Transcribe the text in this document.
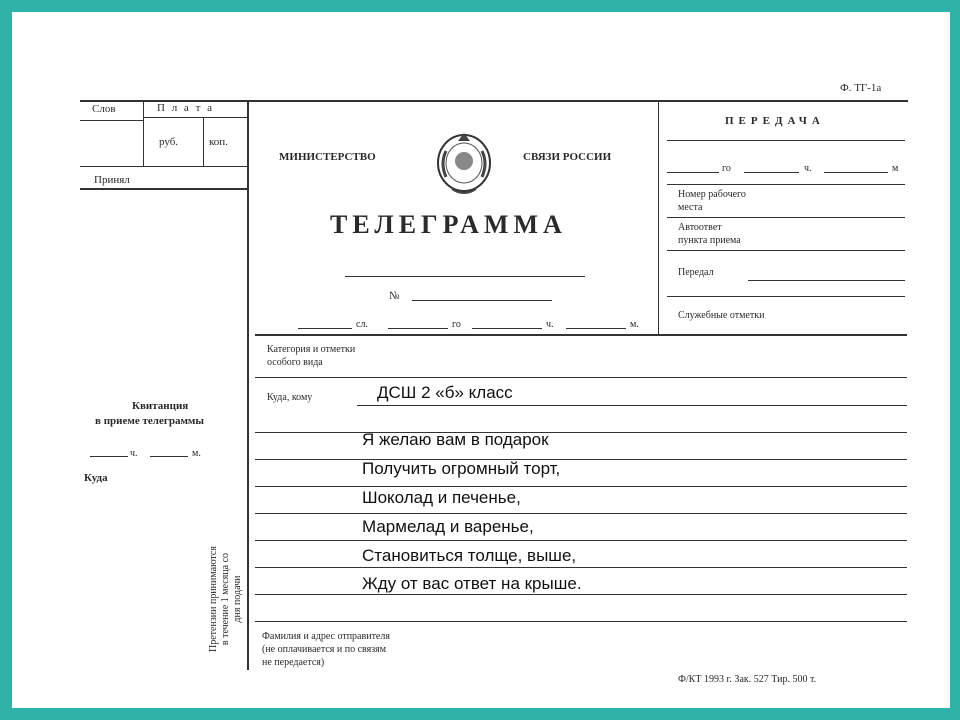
Ф. ТГ-1а
Слов	П л а т а
руб.	коп.
Принял
Квитанция
в приеме телеграммы
ч.	м.
Куда
Претензии принимаются в течение 1 месяца со дня подачи
МИНИСТЕРСТВО	СВЯЗИ РОССИИ
ТЕЛЕГРАММА
№
сл.	го	ч.	м.
ПЕРЕДАЧА
го	ч.	м
Номер рабочего
места
Автоответ
пункта приема
Передал
Служебные отметки
Категория и отметки
особого вида
Куда, кому	ДСШ 2 «б» класс
Я желаю вам в подарок
Получить огромный торт,
Шоколад и печенье,
Мармелад и варенье,
Становиться толще, выше,
Жду от вас ответ на крыше.
Фамилия и адрес отправителя
(не оплачивается и по связям
не передается)
Ф/КТ 1993 г. Зак. 527 Тир. 500 т.
